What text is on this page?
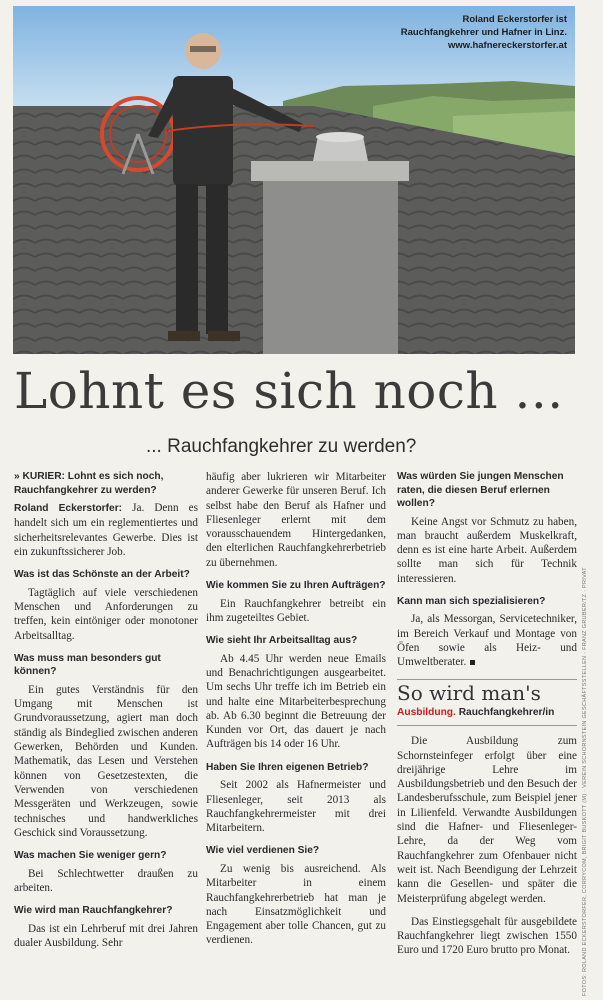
Roland Eckerstorfer ist
Rauchfangkehrer und Hafner in Linz.
www.hafnereckerstorfer.at
Lohnt es sich noch ...
... Rauchfangkehrer zu werden?

» KURIER: Lohnt es sich noch, Rauchfangkehrer zu werden?

Roland Eckerstorfer: Ja. Denn es handelt sich um ein reglementiertes und sicherheitsrelevantes Gewerbe. Dies ist ein zukunftssicherer Job.

Was ist das Schönste an der Arbeit?

Tagtäglich auf viele verschiedenen Menschen und Anforderungen zu treffen, kein eintöniger oder monotoner Arbeitsalltag.

Was muss man besonders gut können?

Ein gutes Verständnis für den Umgang mit Menschen ist Grundvoraussetzung, agiert man doch ständig als Bindeglied zwischen anderen Gewerken, Behörden und Kunden. Mathematik, das Lesen und Verstehen können von Gesetzestexten, die Verwenden von verschiedenen Messgeräten und Werkzeugen, sowie technisches und handwerkliches Geschick sind Voraussetzung.

Was machen Sie weniger gern?

Bei Schlechtwetter draußen zu arbeiten.

Wie wird man Rauchfangkehrer?

Das ist ein Lehrberuf mit drei Jahren dualer Ausbildung. Sehr

häufig aber lukrieren wir Mitarbeiter anderer Gewerke für unseren Beruf. Ich selbst habe den Beruf als Hafner und Fliesenleger erlernt mit dem vorausschauendem Hintergedanken, den elterlichen Rauchfangkehrerbetrieb zu übernehmen.

Wie kommen Sie zu Ihren Aufträgen?

Ein Rauchfangkehrer betreibt ein ihm zugeteiltes Gebiet.

Wie sieht Ihr Arbeitsalltag aus?

Ab 4.45 Uhr werden neue Emails und Benachrichtigungen ausgearbeitet. Um sechs Uhr treffe ich im Betrieb ein und halte eine Mitarbeiterbesprechung ab. Ab 6.30 beginnt die Betreuung der Kunden vor Ort, das dauert je nach Aufträgen bis 14 oder 16 Uhr.

Haben Sie Ihren eigenen Betrieb?

Seit 2002 als Hafnermeister und Fliesenleger, seit 2013 als Rauchfangkehrermeister mit drei Mitarbeitern.

Wie viel verdienen Sie?

Zu wenig bis ausreichend. Als Mitarbeiter in einem Rauchfangkehrerbetrieb hat man je nach Einsatzmöglichkeit und Engagement aber tolle Chancen, gut zu verdienen.

Was würden Sie jungen Menschen raten, die diesen Beruf erlernen wollen?

Keine Angst vor Schmutz zu haben, man braucht außerdem Muskelkraft, denn es ist eine harte Arbeit. Außerdem sollte man sich für Technik interessieren.

Kann man sich spezialisieren?

Ja, als Messorgan, Servicetechniker, im Bereich Verkauf und Montage von Öfen sowie als Heiz- und Umweltberater.

So wird man's
Ausbildung. Rauchfangkehrer/in

Die Ausbildung zum Schornsteinfeger erfolgt über eine dreijährige Lehre im Ausbildungsbetrieb und den Besuch der Landesberufsschule, zum Beispiel jener in Lilienfeld. Verwandte Ausbildungen sind die Hafner- und Fliesenleger-Lehre, da der Weg vom Rauchfangkehrer zum Ofenbauer nicht weit ist. Nach Beendigung der Lehrzeit kann die Gesellen- und später die Meisterprüfung abgelegt werden.

Das Einstiegsgehalt für ausgebildete Rauchfangkehrer liegt zwischen 1550 Euro und 1720 Euro brutto pro Monat.	FOTOS: ROLAND ECKERSTORFER, CORRYCOM, BRIGIT BUSKOTT (M) · VEREIN SCHORNSTEIN GESCHÄFTSSTELLEN · FRANZ GRUBER/TZ · PRIVAT
